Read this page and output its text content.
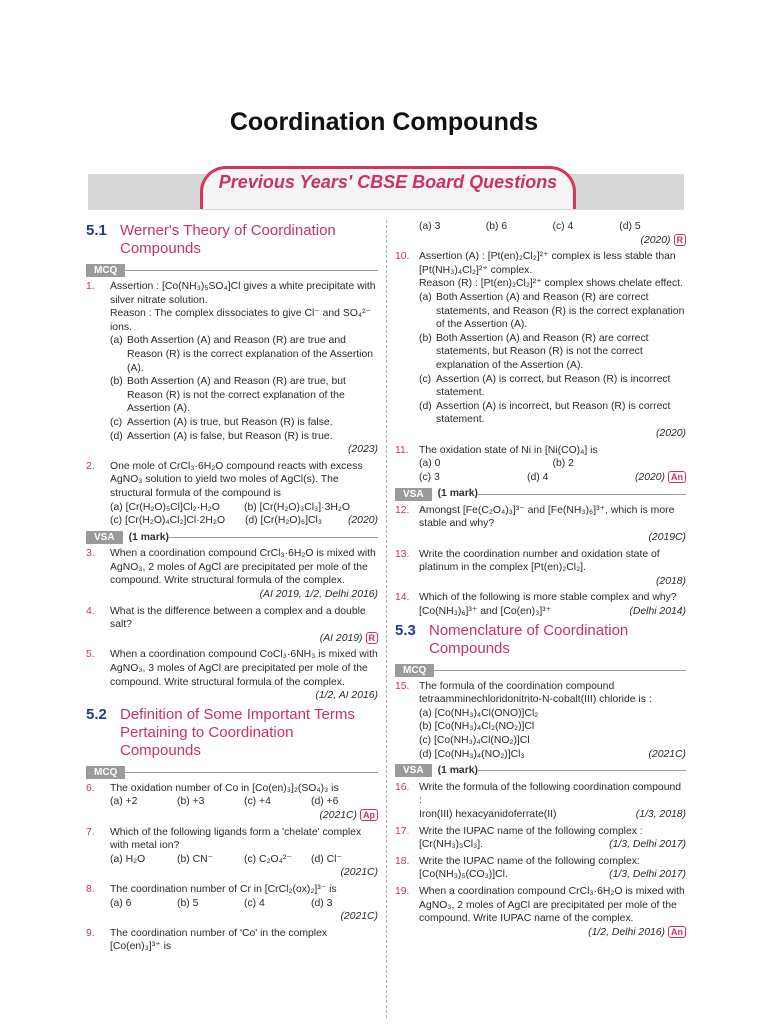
Coordination Compounds
Previous Years' CBSE Board Questions
5.1 Werner's Theory of Coordination Compounds
MCQ
1.	Assertion : [Co(NH₃)₅SO₄]Cl gives a white precipitate with silver nitrate solution.
Reason : The complex dissociates to give Cl⁻ and SO₄²⁻ ions.
(a) Both Assertion (A) and Reason (R) are true and Reason (R) is the correct explanation of the Assertion (A).
(b) Both Assertion (A) and Reason (R) are true, but Reason (R) is not the correct explanation of the Assertion (A).
(c) Assertion (A) is true, but Reason (R) is false.
(d) Assertion (A) is false, but Reason (R) is true.
(2023)
2.	One mole of CrCl₃·6H₂O compound reacts with excess AgNO₃ solution to yield two moles of AgCl(s). The structural formula of the compound is
(a) [Cr(H₂O)₅Cl]Cl₂·H₂O	(b) [Cr(H₂O)₃Cl₃]·3H₂O
(c) [Cr(H₂O)₄Cl₂]Cl·2H₂O (d) [Cr(H₂O)₆]Cl₃ (2020)
VSA	(1 mark)
3.	When a coordination compound CrCl₃·6H₂O is mixed with AgNO₃, 2 moles of AgCl are precipitated per mole of the compound. Write structural formula of the complex.
(AI 2019, 1/2, Delhi 2016)
4.	What is the difference between a complex and a double salt?
(AI 2019) R
5.	When a coordination compound CoCl₃·6NH₃ is mixed with AgNO₃, 3 moles of AgCl are precipitated per mole of the compound. Write structural formula of the complex.
(1/2, AI 2016)
5.2 Definition of Some Important Terms Pertaining to Coordination Compounds
MCQ
6.	The oxidation number of Co in [Co(en)₃]₂(SO₄)₃ is
(a) +2	(b) +3	(c) +4	(d) +6
(2021C) Ap
7.	Which of the following ligands form a 'chelate' complex with metal ion?
(a) H₂O	(b) CN⁻	(c) C₂O₄²⁻	(d) Cl⁻
(2021C)
8.	The coordination number of Cr in [CrCl₂(ox)₂]³⁻ is
(a) 6	(b) 5	(c) 4	(d) 3
(2021C)
9.	The coordination number of 'Co' in the complex [Co(en)₃]³⁺ is
(a) 3	(b) 6	(c) 4	(d) 5
(2020) R
10. Assertion (A) : [Pt(en)₂Cl₂]²⁺ complex is less stable than [Pt(NH₃)₄Cl₂]²⁺ complex.
Reason (R) : [Pt(en)₂Cl₂]²⁺ complex shows chelate effect.
(a) Both Assertion (A) and Reason (R) are correct statements, and Reason (R) is the correct explanation of the Assertion (A).
(b) Both Assertion (A) and Reason (R) are correct statements, but Reason (R) is not the correct explanation of the Assertion (A).
(c) Assertion (A) is correct, but Reason (R) is incorrect statement.
(d) Assertion (A) is incorrect, but Reason (R) is correct statement.
(2020)
11. The oxidation state of Ni in [Ni(CO)₄] is
(a) 0	(b) 2
(c) 3	(d) 4	(2020) An
VSA	(1 mark)
12. Amongst [Fe(C₂O₄)₃]³⁻ and [Fe(NH₃)₆]³⁺, which is more stable and why?
(2019C)
13. Write the coordination number and oxidation state of platinum in the complex [Pt(en)₂Cl₂].
(2018)
14. Which of the following is more stable complex and why?
[Co(NH₃)₆]³⁺ and [Co(en)₃]³⁺	(Delhi 2014)
5.3 Nomenclature of Coordination Compounds
MCQ
15. The formula of the coordination compound tetraamminechloridonitrito-N-cobalt(III) chloride is :
(a) [Co(NH₃)₄Cl(ONO)]Cl₂
(b) [Co(NH₃)₄Cl₂(NO₂)]Cl
(c) [Co(NH₃)₄Cl(NO₂)]Cl
(d) [Co(NH₃)₄(NO₂)]Cl₃	(2021C)
VSA	(1 mark)
16. Write the formula of the following coordination compound :
Iron(III) hexacyanidoferrate(II)	(1/3, 2018)
17. Write the IUPAC name of the following complex :
[Cr(NH₃)₃Cl₃].	(1/3, Delhi 2017)
18. Write the IUPAC name of the following complex:
[Co(NH₃)₅(CO₃)]Cl.	(1/3, Delhi 2017)
19. When a coordination compound CrCl₃·6H₂O is mixed with AgNO₃, 2 moles of AgCl are precipitated per mole of the compound. Write IUPAC name of the complex.
(1/2, Delhi 2016) An
